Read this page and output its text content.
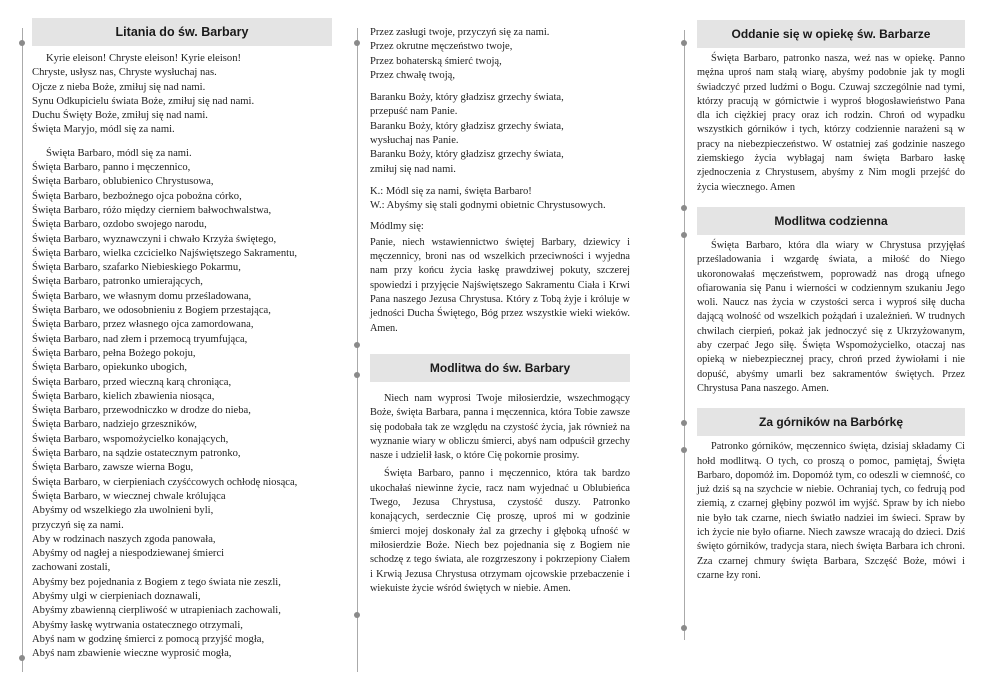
Litania do św. Barbary
Kyrie eleison! Chryste eleison! Kyrie eleison!
Chryste, usłysz nas, Chryste wysłuchaj nas.
Ojcze z nieba Boże, zmiłuj się nad nami.
Synu Odkupicielu świata Boże, zmiłuj się nad nami.
Duchu Święty Boże, zmiłuj się nad nami.
Święta Maryjo, módl się za nami.
Święta Barbaro, módl się za nami.
Święta Barbaro, panno i męczennico,
Święta Barbaro, oblubienico Chrystusowa,
Święta Barbaro, bezbożnego ojca pobożna córko,
Święta Barbaro, różo między cierniem bałwochwalstwa,
Święta Barbaro, ozdobo swojego narodu,
Święta Barbaro, wyznawczyni i chwało Krzyża świętego,
Święta Barbaro, wielka czcicielko Najświętszego Sakramentu,
Święta Barbaro, szafarko Niebieskiego Pokarmu,
Święta Barbaro, patronko umierających,
Święta Barbaro, we własnym domu prześladowana,
Święta Barbaro, we odosobnieniu z Bogiem przestająca,
Święta Barbaro, przez własnego ojca zamordowana,
Święta Barbaro, nad złem i przemocą tryumfująca,
Święta Barbaro, pełna Bożego pokoju,
Święta Barbaro, opiekunko ubogich,
Święta Barbaro, przed wieczną karą chroniąca,
Święta Barbaro, kielich zbawienia niosąca,
Święta Barbaro, przewodniczko w drodze do nieba,
Święta Barbaro, nadziejo grzeszników,
Święta Barbaro, wspomożycielko konających,
Święta Barbaro, na sądzie ostatecznym patronko,
Święta Barbaro, zawsze wierna Bogu,
Święta Barbaro, w cierpieniach czyśćcowych ochłodę niosąca,
Święta Barbaro, w wiecznej chwale królująca
Abyśmy od wszelkiego zła uwolnieni byli,
przyczyń się za nami.
Aby w rodzinach naszych zgoda panowała,
Abyśmy od nagłej a niespodziewanej śmierci
zachowani zostali,
Abyśmy bez pojednania z Bogiem z tego świata nie zeszli,
Abyśmy ulgi w cierpieniach doznawali,
Abyśmy zbawienną cierpliwość w utrapieniach zachowali,
Abyśmy łaskę wytrwania ostatecznego otrzymali,
Abyś nam w godzinę śmierci z pomocą przyjść mogła,
Abyś nam zbawienie wieczne wyprosić mogła,
Przez zasługi twoje, przyczyń się za nami.
Przez okrutne męczeństwo twoje,
Przez bohaterską śmierć twoją,
Przez chwałę twoją,
Baranku Boży, który gładzisz grzechy świata,
przepuść nam Panie.
Baranku Boży, który gładzisz grzechy świata,
wysłuchaj nas Panie.
Baranku Boży, który gładzisz grzechy świata,
zmiłuj się nad nami.
K.: Módl się za nami, święta Barbaro!
W.: Abyśmy się stali godnymi obietnic Chrystusowych.
Módlmy się:
Panie, niech wstawiennictwo świętej Barbary, dziewicy i męczennicy, broni nas od wszelkich przeciwności i wyjedna nam przy końcu życia łaskę prawdziwej pokuty, szczerej spowiedzi i przyjęcie Najświętszego Sakramentu Ciała i Krwi Pana naszego Jezusa Chrystusa. Który z Tobą żyje i króluje w jedności Ducha Świętego, Bóg przez wszystkie wieki wieków. Amen.
Modlitwa do św. Barbary
Niech nam wyprosi Twoje miłosierdzie, wszechmogący Boże, święta Barbara, panna i męczennica, która Tobie zawsze się podobała tak ze względu na czystość życia, jak również na wyznanie wiary w obliczu śmierci, abyś nam odpuścił grzechy nasze i udzielił łask, o które Cię pokornie prosimy.
Święta Barbaro, panno i męczennico, która tak bardzo ukochałaś niewinne życie, racz nam wyjednać u Oblubieńca Twego, Jezusa Chrystusa, czystość duszy. Patronko konających, serdecznie Cię proszę, uproś mi w godzinie śmierci mojej doskonały żal za grzechy i głęboką ufność w miłosierdzie Boże. Niech bez pojednania się z Bogiem nie schodzę z tego świata, ale rozgrzeszony i pokrzepiony Ciałem i Krwią Jezusa Chrystusa otrzymam ojcowskie przebaczenie i wiekuiste życie wśród świętych w niebie. Amen.
Oddanie się w opiekę św. Barbarze
Święta Barbaro, patronko nasza, weź nas w opiekę. Panno mężna uproś nam stałą wiarę, abyśmy podobnie jak ty mogli świadczyć przed ludźmi o Bogu. Czuwaj szczególnie nad tymi, którzy pracują w górnictwie i wyproś błogosławieństwo Pana dla ich ciężkiej pracy oraz ich rodzin. Chroń od wypadku wszystkich górników i tych, którzy codziennie narażeni są w pracy na niebezpieczeństwo. W ostatniej zaś godzinie naszego ziemskiego życia wybłagaj nam święta Barbaro łaskę zjednoczenia z Chrystusem, abyśmy z Nim mogli przejść do życia wiecznego. Amen
Modlitwa codzienna
Święta Barbaro, która dla wiary w Chrystusa przyjęłaś prześladowania i wzgardę świata, a miłość do Niego ukoronowałaś męczeństwem, poprowadź nas drogą ufnego ofiarowania się Panu i wierności w codziennym szukaniu Jego woli. Naucz nas życia w czystości serca i wyproś siłę ducha dającą wolność od wszelkich pożądań i uzależnień. W trudnych chwilach cierpień, pokaż jak jednoczyć się z Ukrzyżowanym, aby czerpać Jego siłę. Święta Wspomożycielko, otaczaj nas opieką w niebezpiecznej pracy, chroń przed żywiołami i nie dopuść, abyśmy umarli bez sakramentów świętych. Przez Chrystusa Pana naszego. Amen.
Za górników na Barbórkę
Patronko górników, męczennico święta, dzisiaj składamy Ci hołd modlitwą. O tych, co proszą o pomoc, pamiętaj, Święta Barbaro, dopomóż im. Dopomóż tym, co odeszli w ciemność, co już dziś są na szychcie w niebie. Ochraniaj tych, co fedrują pod ziemią, z czarnej głębiny pozwól im wyjść. Spraw by ich niebo nie było tak czarne, niech światło nadziei im świeci. Spraw by ich życie nie było ofiarne. Niech zawsze wracają do dzieci. Dziś święto górników, tradycja stara, niech święta Barbara ich chroni. Zza czarnej chmury święta Barbara, Szczęść Boże, mówi i czarne łzy roni.
